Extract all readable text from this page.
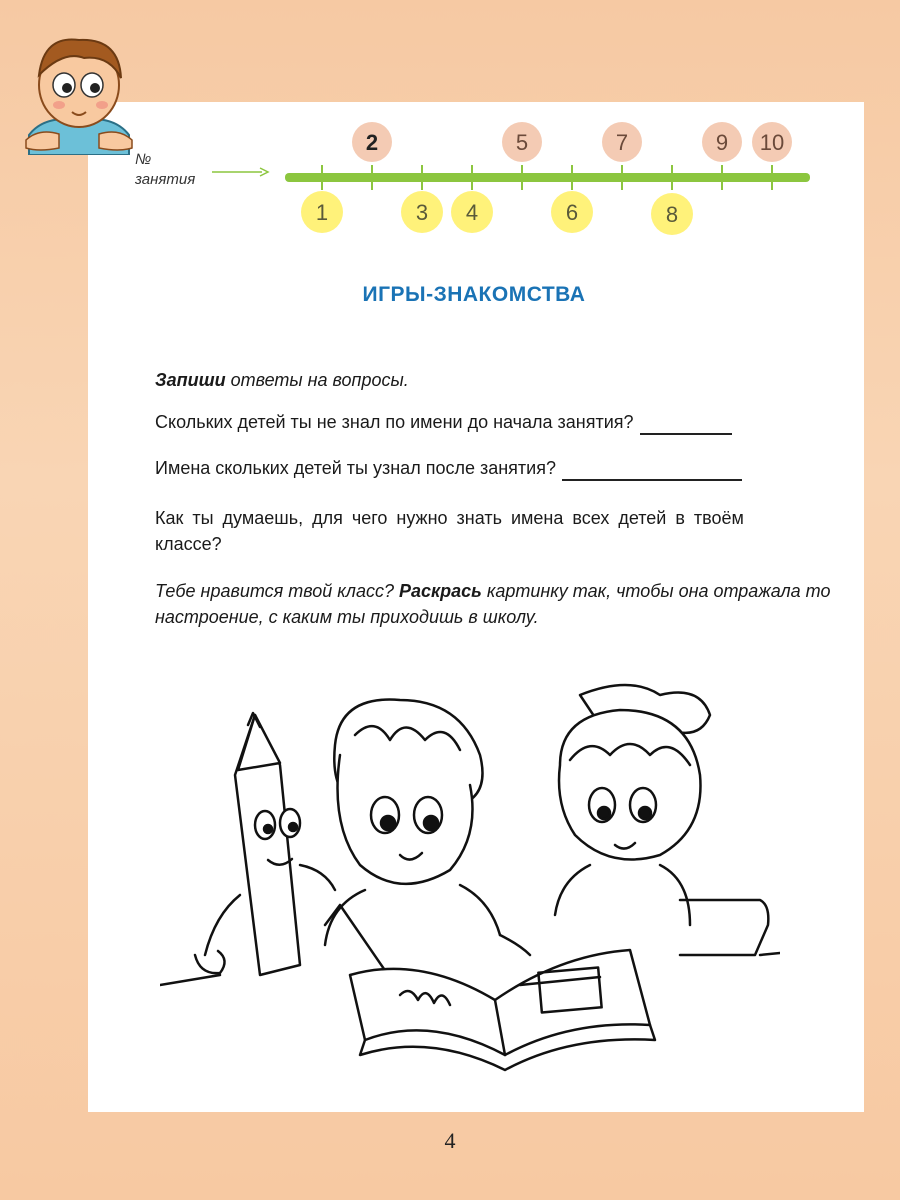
№
занятия
2	5	7	9 10
1	3 4	6	8
ИГРЫ-ЗНАКОМСТВА
Запиши ответы на вопросы.
Скольких детей ты не знал по имени до начала занятия?
Имена скольких детей ты узнал после занятия?
Как ты думаешь, для чего нужно знать имена всех детей в твоём
классе?
Тебе нравится твой класс? Раскрась картинку так, чтобы она отражала то настроение, с каким ты приходишь в школу.
4
